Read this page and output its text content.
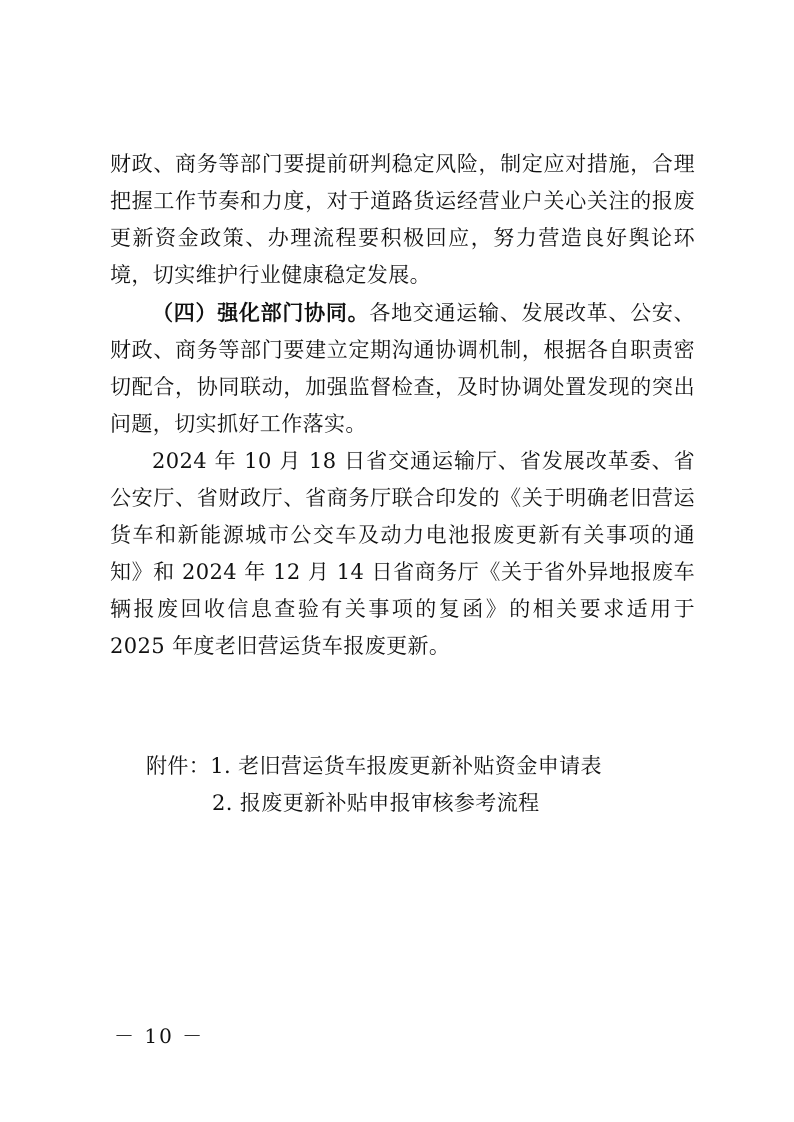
财政、商务等部门要提前研判稳定风险，制定应对措施，合理把握工作节奏和力度，对于道路货运经营业户关心关注的报废更新资金政策、办理流程要积极回应，努力营造良好舆论环境，切实维护行业健康稳定发展。

（四）强化部门协同。各地交通运输、发展改革、公安、财政、商务等部门要建立定期沟通协调机制，根据各自职责密切配合，协同联动，加强监督检查，及时协调处置发现的突出问题，切实抓好工作落实。

2024 年 10 月 18 日省交通运输厅、省发展改革委、省公安厅、省财政厅、省商务厅联合印发的《关于明确老旧营运货车和新能源城市公交车及动力电池报废更新有关事项的通知》和 2024 年 12 月 14 日省商务厅《关于省外异地报废车辆报废回收信息查验有关事项的复函》的相关要求适用于 2025 年度老旧营运货车报废更新。

附件： 1. 老旧营运货车报废更新补贴资金申请表
2. 报废更新补贴申报审核参考流程
－ 10 －
